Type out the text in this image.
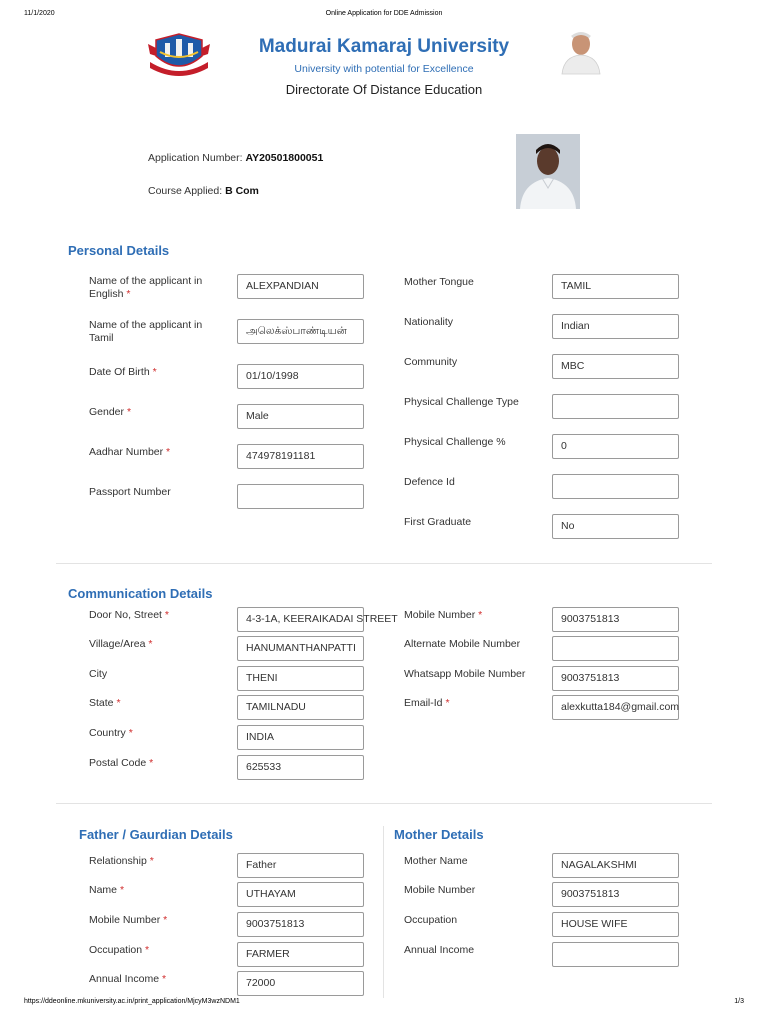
11/1/2020	Online Application for DDE Admission
https://ddeonline.mkuniversity.ac.in/print_application/MjcyM3wzNDM1	1/3
Madurai Kamaraj University
University with potential for Excellence
Directorate Of Distance Education
Application Number: AY20501800051
Course Applied: B Com
Personal Details
Name of the applicant in English *
ALEXPANDIAN
Name of the applicant in Tamil
அலெக்ஸ்பாண்டியன்
Date Of Birth *	01/10/1998
Gender *	Male
Aadhar Number *	474978191181
Passport Number
Mother Tongue	TAMIL
Nationality	Indian
Community	MBC
Physical Challenge Type
Physical Challenge %	0
Defence Id
First Graduate	No
Communication Details
Door No, Street *	4-3-1A, KEERAIKADAI STREET
Village/Area *	HANUMANTHANPATTI
City	THENI
State *	TAMILNADU
Country *	INDIA
Postal Code *	625533
Mobile Number *	9003751813
Alternate Mobile Number
Whatsapp Mobile Number	9003751813
Email-Id *	alexkutta184@gmail.com
Father / Gaurdian Details
Relationship *	Father
Name *	UTHAYAM
Mobile Number *	9003751813
Occupation *	FARMER
Annual Income *	72000
Mother Details
Mother Name	NAGALAKSHMI
Mobile Number	9003751813
Occupation	HOUSE WIFE
Annual Income
